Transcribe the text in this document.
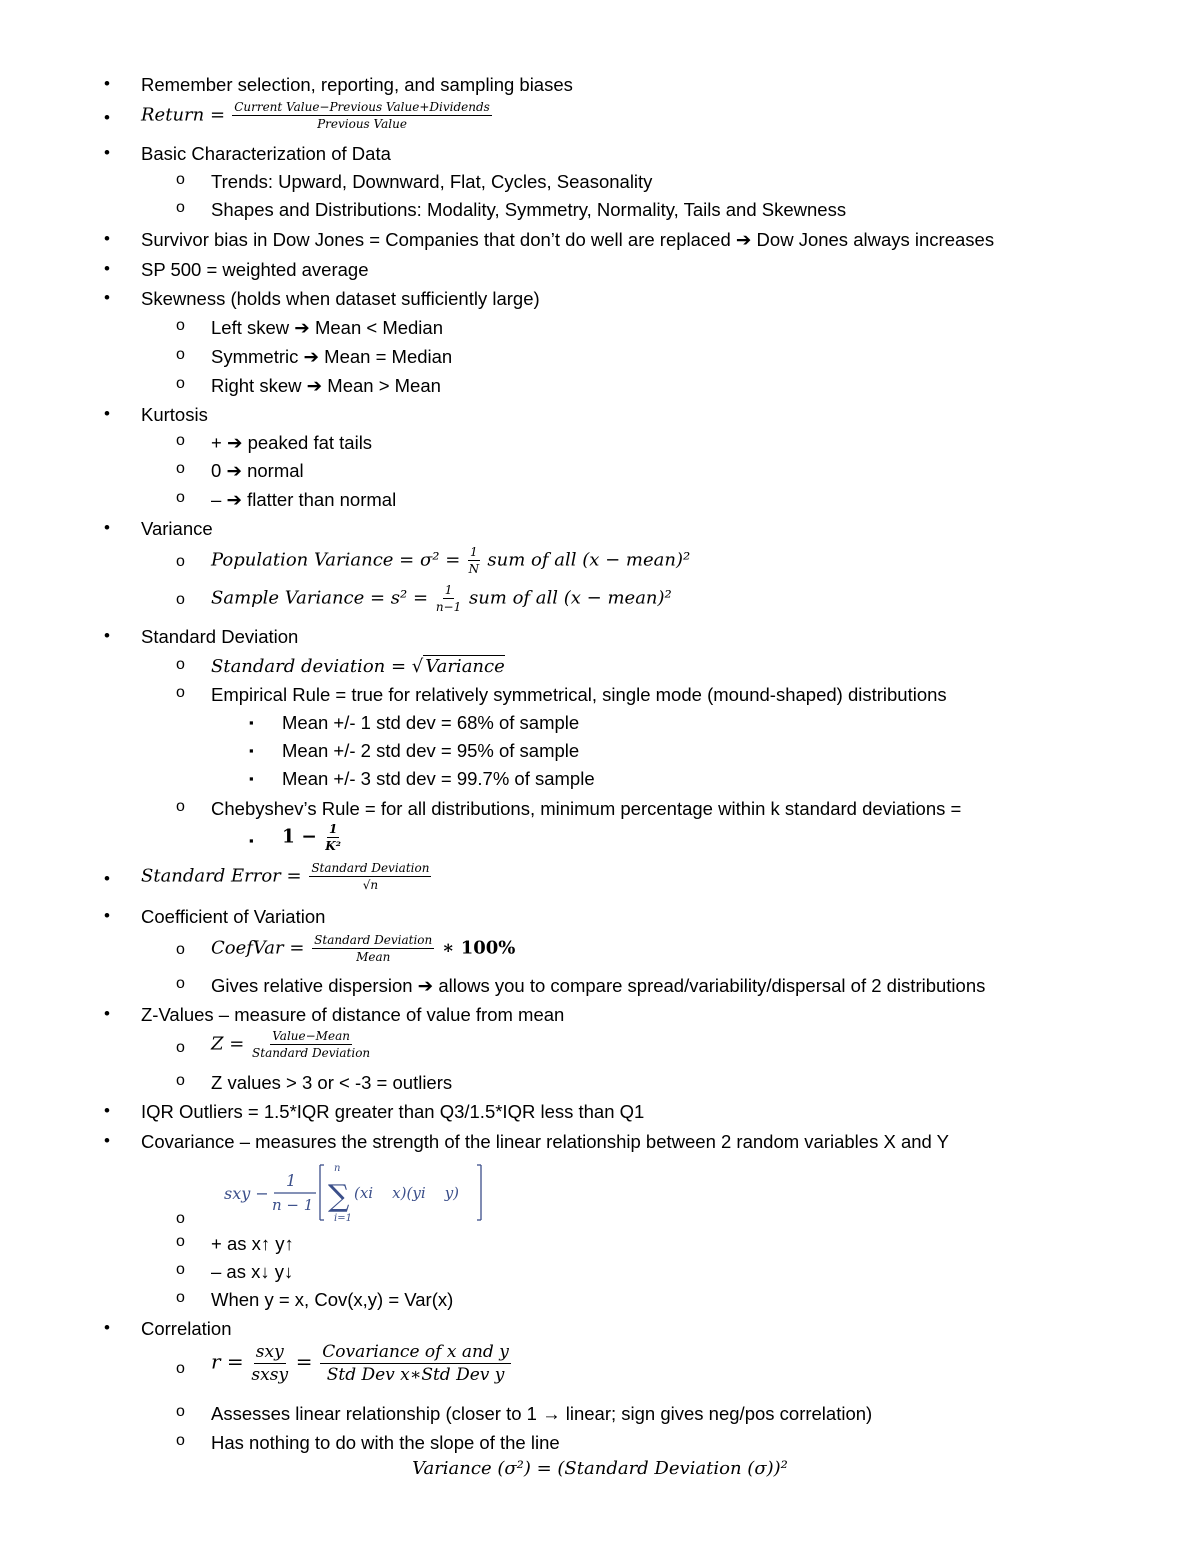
• Remember selection, reporting, and sampling biases
• Return = $\frac{\text{Current Value−Previous Value+Dividends}}{\text{Previous Value}}$
• Basic Characterization of Data
o Trends: Upward, Downward, Flat, Cycles, Seasonality
o Shapes and Distributions: Modality, Symmetry, Normality, Tails and Skewness
• Survivor bias in Dow Jones = Companies that don’t do well are replaced ➔ Dow Jones always increases
• SP 500 = weighted average
• Skewness (holds when dataset sufficiently large)
o Left skew ➔ Mean < Median
o Symmetric ➔ Mean = Median
o Right skew ➔ Mean > Mean
• Kurtosis
o + ➔ peaked fat tails
o 0 ➔ normal
o – ➔ flatter than normal
• Variance
o Population Variance = $\sigma^2 = \frac{1}{N}$ sum of all (x − mean)²
o Sample Variance = $s^2 = \frac{1}{n-1}$ sum of all (x − mean)²
• Standard Deviation
o Standard deviation = √ Variance
o Empirical Rule = true for relatively symmetrical, single mode (mound-shaped) distributions
▪ Mean +/- 1 std dev = 68% of sample
▪ Mean +/- 2 std dev = 95% of sample
▪ Mean +/- 3 std dev = 99.7% of sample
o Chebyshev’s Rule = for all distributions, minimum percentage within k standard deviations =
▪ $1 - \frac{1}{\text{K²}}$
• Standard Error = $\frac{\text{Standard Deviation}}{√n}$
• Coefficient of Variation
o CoefVar = $\frac{\text{Standard Deviation}}{\text{Mean}}$ ∗ 100%
o Gives relative dispersion ➔ allows you to compare spread/variability/dispersal of 2 distributions
• Z-Values – measure of distance of value from mean
o $Z = \frac{\text{Value−Mean}}{\text{Standard Deviation}}$
o Z values > 3 or < -3 = outliers
• IQR Outliers = 1.5*IQR greater than Q3/1.5*IQR less than Q1
• Covariance – measures the strength of the linear relationship between 2 random variables X and Y
sxy −
1
n − 1
n
∑
i=1
(xi    x)(yi    y)
o
o + as x↑ y↑
o – as x↓ y↓
o When y = x, Cov(x,y) = Var(x)
• Correlation
o $r = \frac{\text{sxy}}{\text{sxsy}} = \frac{\text{Covariance of x and y}}{\text{Std Dev x∗Std Dev y}}$
o Assesses linear relationship (closer to 1 → linear; sign gives neg/pos correlation)
o Has nothing to do with the slope of the line
Variance (σ²) = (Standard Deviation (σ))²
